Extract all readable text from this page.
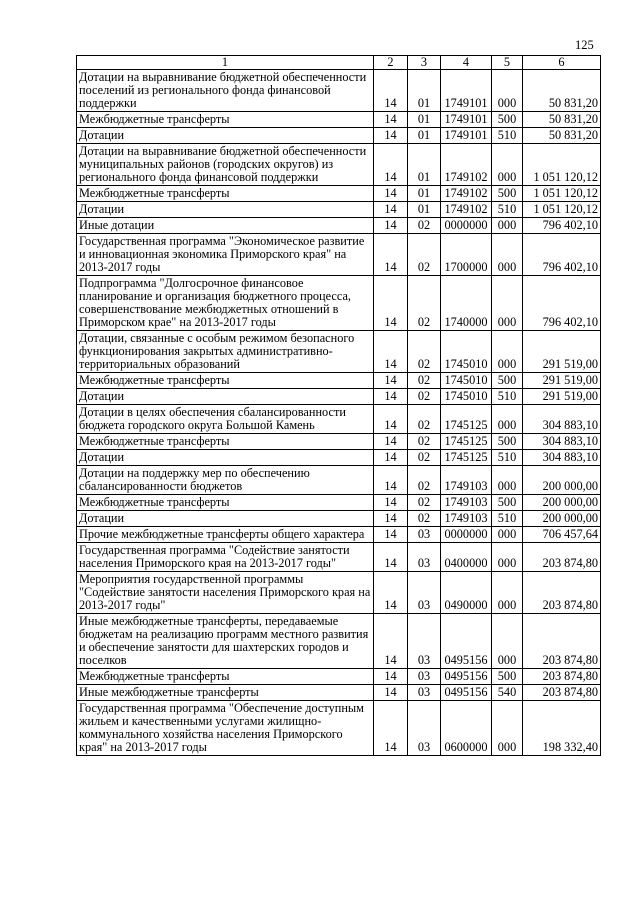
125
1	2	3	4	5	6
Дотации на выравнивание бюджетной обеспеченности поселений из регионального фонда финансовой поддержки	14	01	1749101	000	50 831,20
Межбюджетные трансферты	14	01	1749101	500	50 831,20
Дотации	14	01	1749101	510	50 831,20
Дотации на выравнивание бюджетной обеспеченности муниципальных районов (городских округов) из регионального фонда финансовой поддержки	14	01	1749102	000	1 051 120,12
Межбюджетные трансферты	14	01	1749102	500	1 051 120,12
Дотации	14	01	1749102	510	1 051 120,12
Иные дотации	14	02	0000000	000	796 402,10
Государственная программа "Экономическое развитие и инновационная экономика Приморского края" на 2013-2017 годы	14	02	1700000	000	796 402,10
Подпрограмма "Долгосрочное финансовое планирование и организация бюджетного процесса, совершенствование межбюджетных отношений в Приморском крае" на 2013-2017 годы	14	02	1740000	000	796 402,10
Дотации, связанные с особым режимом безопасного функционирования закрытых административно-территориальных образований	14	02	1745010	000	291 519,00
Межбюджетные трансферты	14	02	1745010	500	291 519,00
Дотации	14	02	1745010	510	291 519,00
Дотации в целях обеспечения сбалансированности бюджета городского округа Большой Камень	14	02	1745125	000	304 883,10
Межбюджетные трансферты	14	02	1745125	500	304 883,10
Дотации	14	02	1745125	510	304 883,10
Дотации на поддержку мер по обеспечению сбалансированности бюджетов	14	02	1749103	000	200 000,00
Межбюджетные трансферты	14	02	1749103	500	200 000,00
Дотации	14	02	1749103	510	200 000,00
Прочие межбюджетные трансферты общего характера	14	03	0000000	000	706 457,64
Государственная программа "Содействие занятости населения Приморского края на 2013-2017 годы"	14	03	0400000	000	203 874,80
Мероприятия государственной программы "Содействие занятости населения Приморского края на 2013-2017 годы"	14	03	0490000	000	203 874,80
Иные межбюджетные трансферты, передаваемые бюджетам на реализацию программ местного развития и обеспечение занятости для шахтерских городов и поселков	14	03	0495156	000	203 874,80
Межбюджетные трансферты	14	03	0495156	500	203 874,80
Иные межбюджетные трансферты	14	03	0495156	540	203 874,80
Государственная программа "Обеспечение доступным жильем и качественными услугами жилищно-коммунального хозяйства населения Приморского края" на 2013-2017 годы	14	03	0600000	000	198 332,40
